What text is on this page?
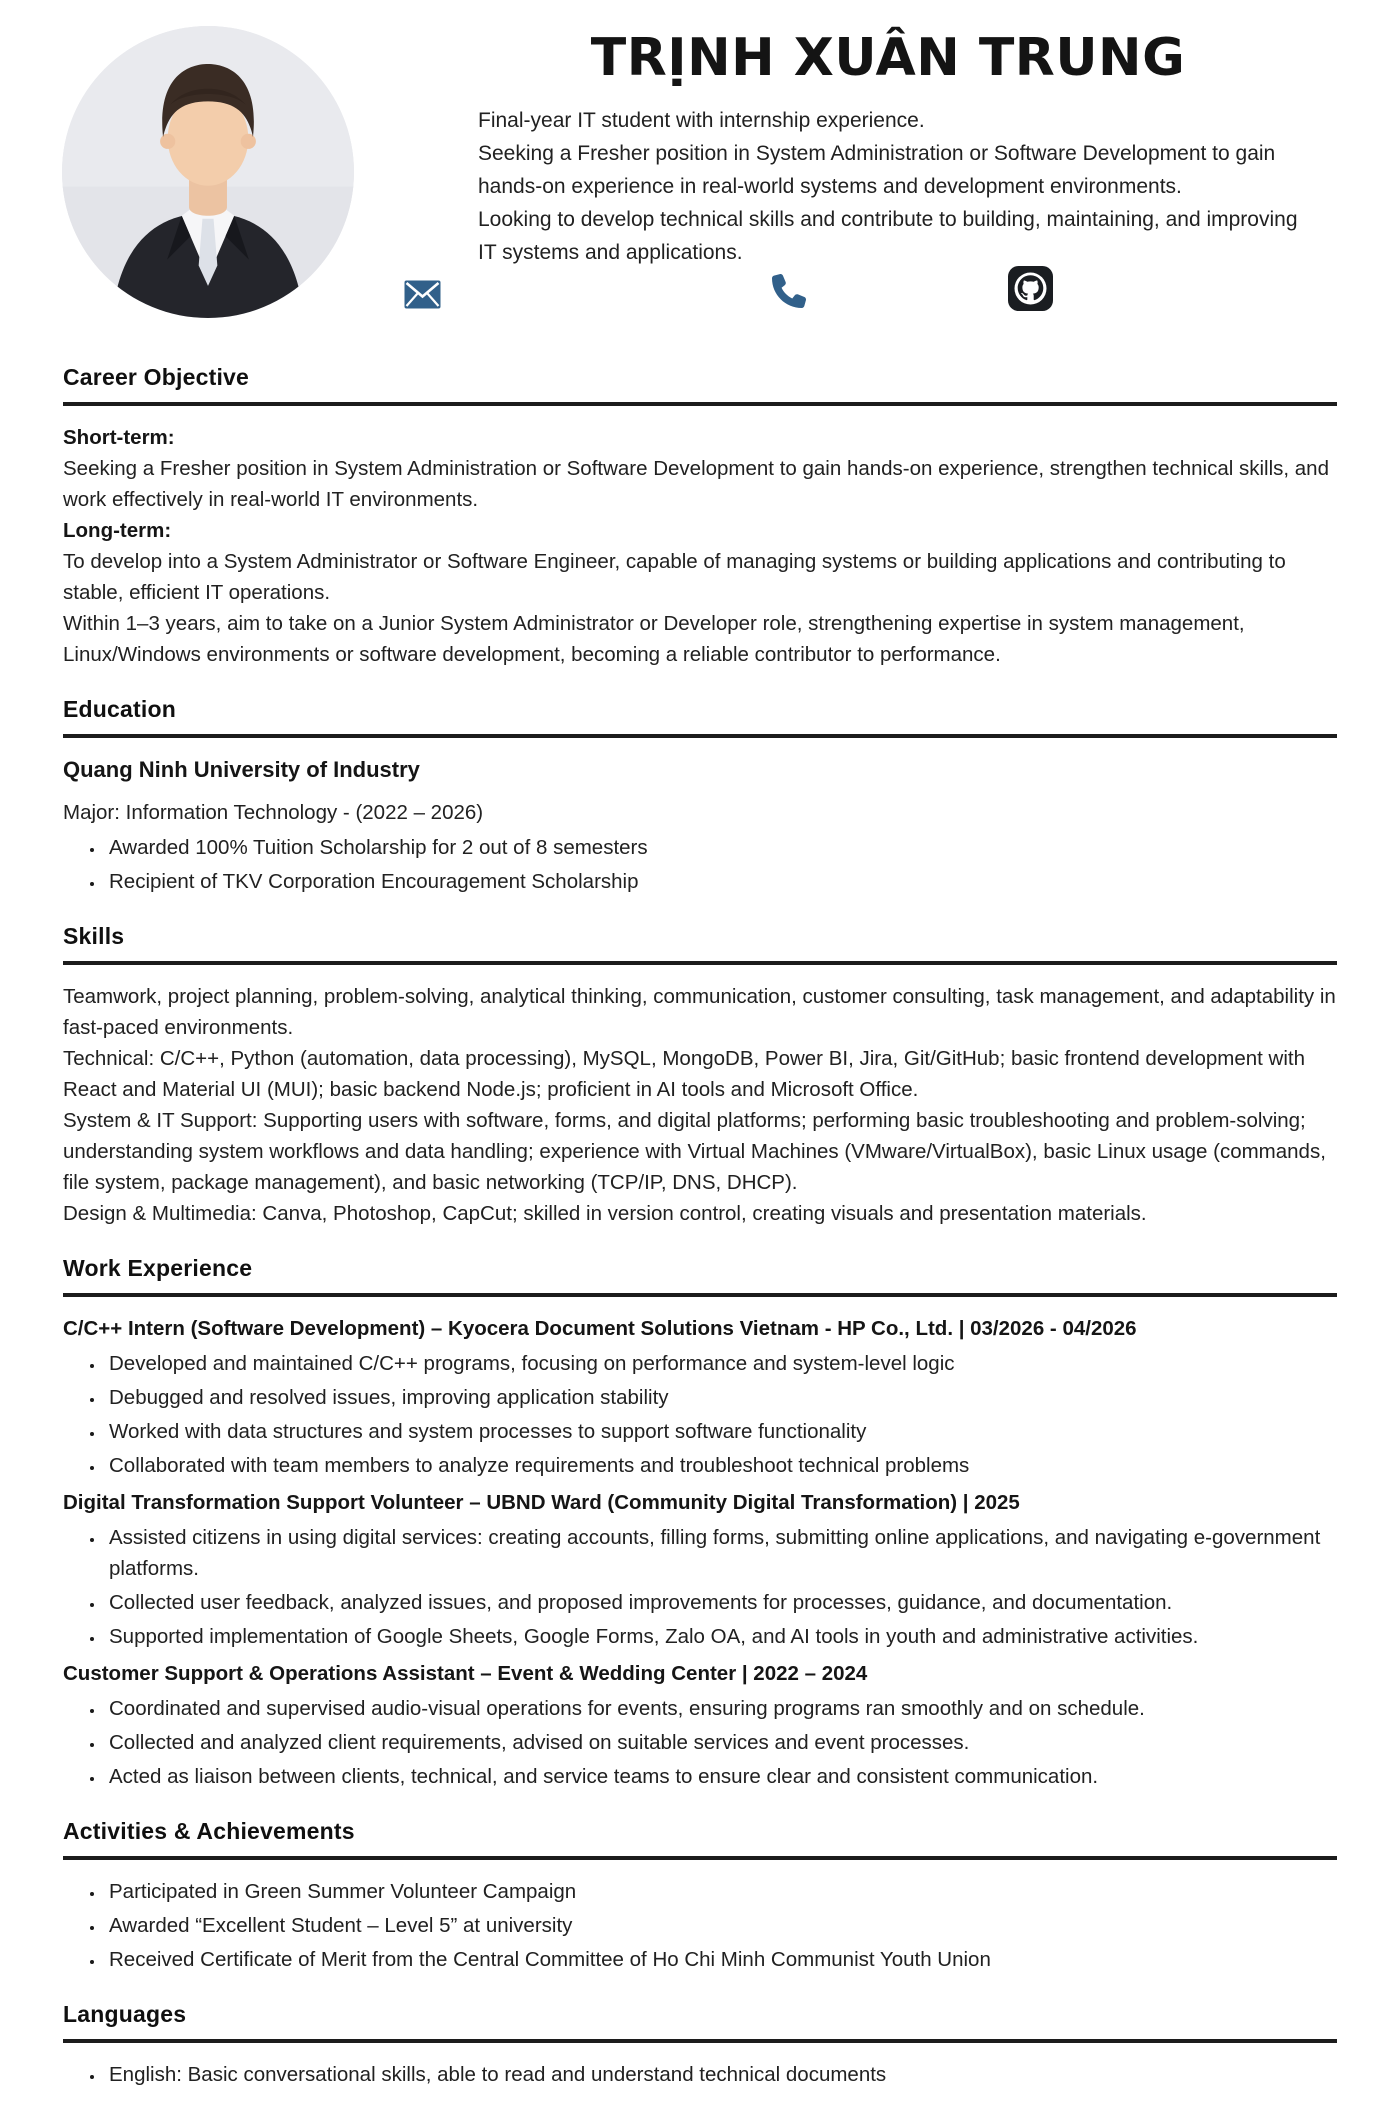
TRỊNH XUÂN TRUNG

Final-year IT student with internship experience.

Seeking a Fresher position in System Administration or Software Development to gain hands-on experience in real-world systems and development environments.

Looking to develop technical skills and contribute to building, maintaining, and improving IT systems and applications.

Career Objective

Short-term:

Seeking a Fresher position in System Administration or Software Development to gain hands-on experience, strengthen technical skills, and work effectively in real-world IT environments.

Long-term:

To develop into a System Administrator or Software Engineer, capable of managing systems or building applications and contributing to stable, efficient IT operations.

Within 1–3 years, aim to take on a Junior System Administrator or Developer role, strengthening expertise in system management, Linux/Windows environments or software development, becoming a reliable contributor to performance.

Education

Quang Ninh University of Industry

Major: Information Technology - (2022 – 2026)

• Awarded 100% Tuition Scholarship for 2 out of 8 semesters
• Recipient of TKV Corporation Encouragement Scholarship
Skills

Teamwork, project planning, problem-solving, analytical thinking, communication, customer consulting, task management, and adaptability in fast-paced environments.

Technical: C/C++, Python (automation, data processing), MySQL, MongoDB, Power BI, Jira, Git/GitHub; basic frontend development with React and Material UI (MUI); basic backend Node.js; proficient in AI tools and Microsoft Office.

System & IT Support: Supporting users with software, forms, and digital platforms; performing basic troubleshooting and problem-solving; understanding system workflows and data handling; experience with Virtual Machines (VMware/VirtualBox), basic Linux usage (commands, file system, package management), and basic networking (TCP/IP, DNS, DHCP).

Design & Multimedia: Canva, Photoshop, CapCut; skilled in version control, creating visuals and presentation materials.

Work Experience

C/C++ Intern (Software Development) – Kyocera Document Solutions Vietnam - HP Co., Ltd. | 03/2026 - 04/2026

• Developed and maintained C/C++ programs, focusing on performance and system-level logic
• Debugged and resolved issues, improving application stability
• Worked with data structures and system processes to support software functionality
• Collaborated with team members to analyze requirements and troubleshoot technical problems

Digital Transformation Support Volunteer – UBND Ward (Community Digital Transformation) | 2025

• Assisted citizens in using digital services: creating accounts, filling forms, submitting online applications, and navigating e-government platforms.
• Collected user feedback, analyzed issues, and proposed improvements for processes, guidance, and documentation.
• Supported implementation of Google Sheets, Google Forms, Zalo OA, and AI tools in youth and administrative activities.

Customer Support & Operations Assistant – Event & Wedding Center | 2022 – 2024

• Coordinated and supervised audio-visual operations for events, ensuring programs ran smoothly and on schedule.
• Collected and analyzed client requirements, advised on suitable services and event processes.
• Acted as liaison between clients, technical, and service teams to ensure clear and consistent communication.
Activities & Achievements
• Participated in Green Summer Volunteer Campaign
• Awarded “Excellent Student – Level 5” at university
• Received Certificate of Merit from the Central Committee of Ho Chi Minh Communist Youth Union
Languages
• English: Basic conversational skills, able to read and understand technical documents
